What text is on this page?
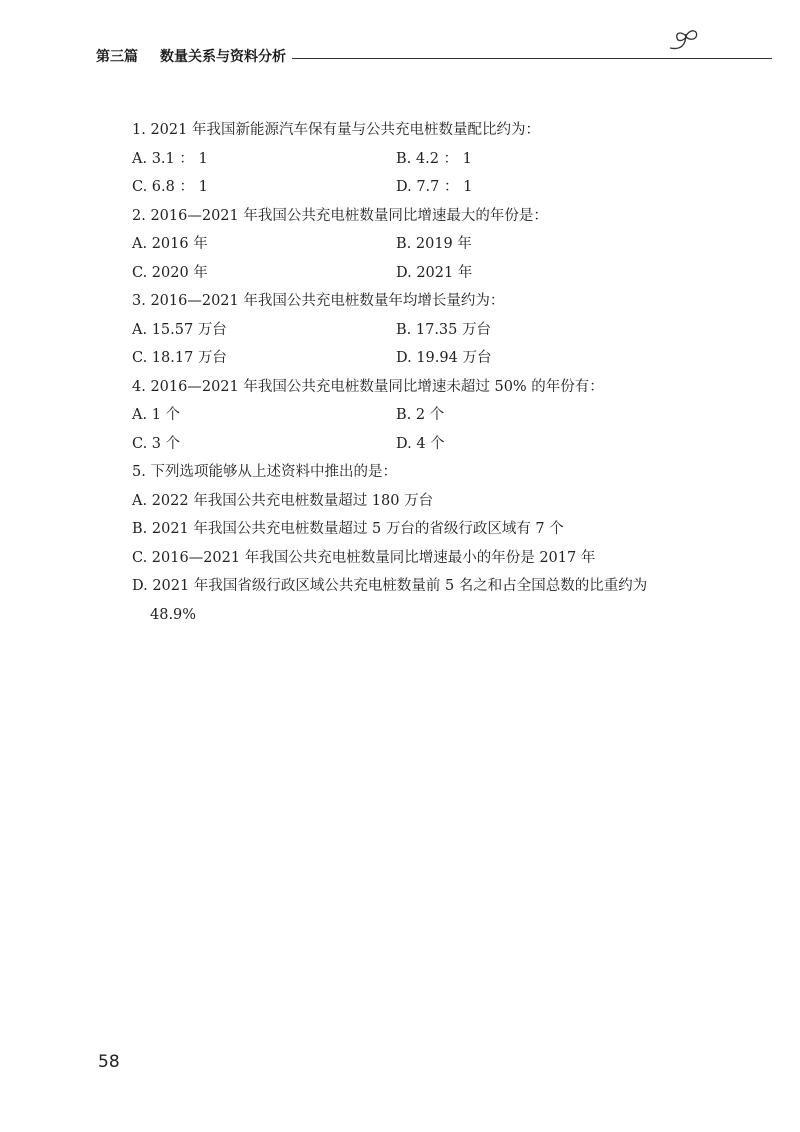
第三篇 数量关系与资料分析
1. 2021 年我国新能源汽车保有量与公共充电桩数量配比约为：
A. 3.1 ： 1	B. 4.2 ： 1
C. 6.8 ： 1	D. 7.7 ： 1
2. 2016—2021 年我国公共充电桩数量同比增速最大的年份是：
A. 2016 年	B. 2019 年
C. 2020 年	D. 2021 年
3. 2016—2021 年我国公共充电桩数量年均增长量约为：
A. 15.57 万台	B. 17.35 万台
C. 18.17 万台	D. 19.94 万台
4. 2016—2021 年我国公共充电桩数量同比增速未超过 50% 的年份有：
A. 1 个	B. 2 个
C. 3 个	D. 4 个
5. 下列选项能够从上述资料中推出的是：
A. 2022 年我国公共充电桩数量超过 180 万台
B. 2021 年我国公共充电桩数量超过 5 万台的省级行政区域有 7 个
C. 2016—2021 年我国公共充电桩数量同比增速最小的年份是 2017 年
D. 2021 年我国省级行政区域公共充电桩数量前 5 名之和占全国总数的比重约为
48.9%
58
